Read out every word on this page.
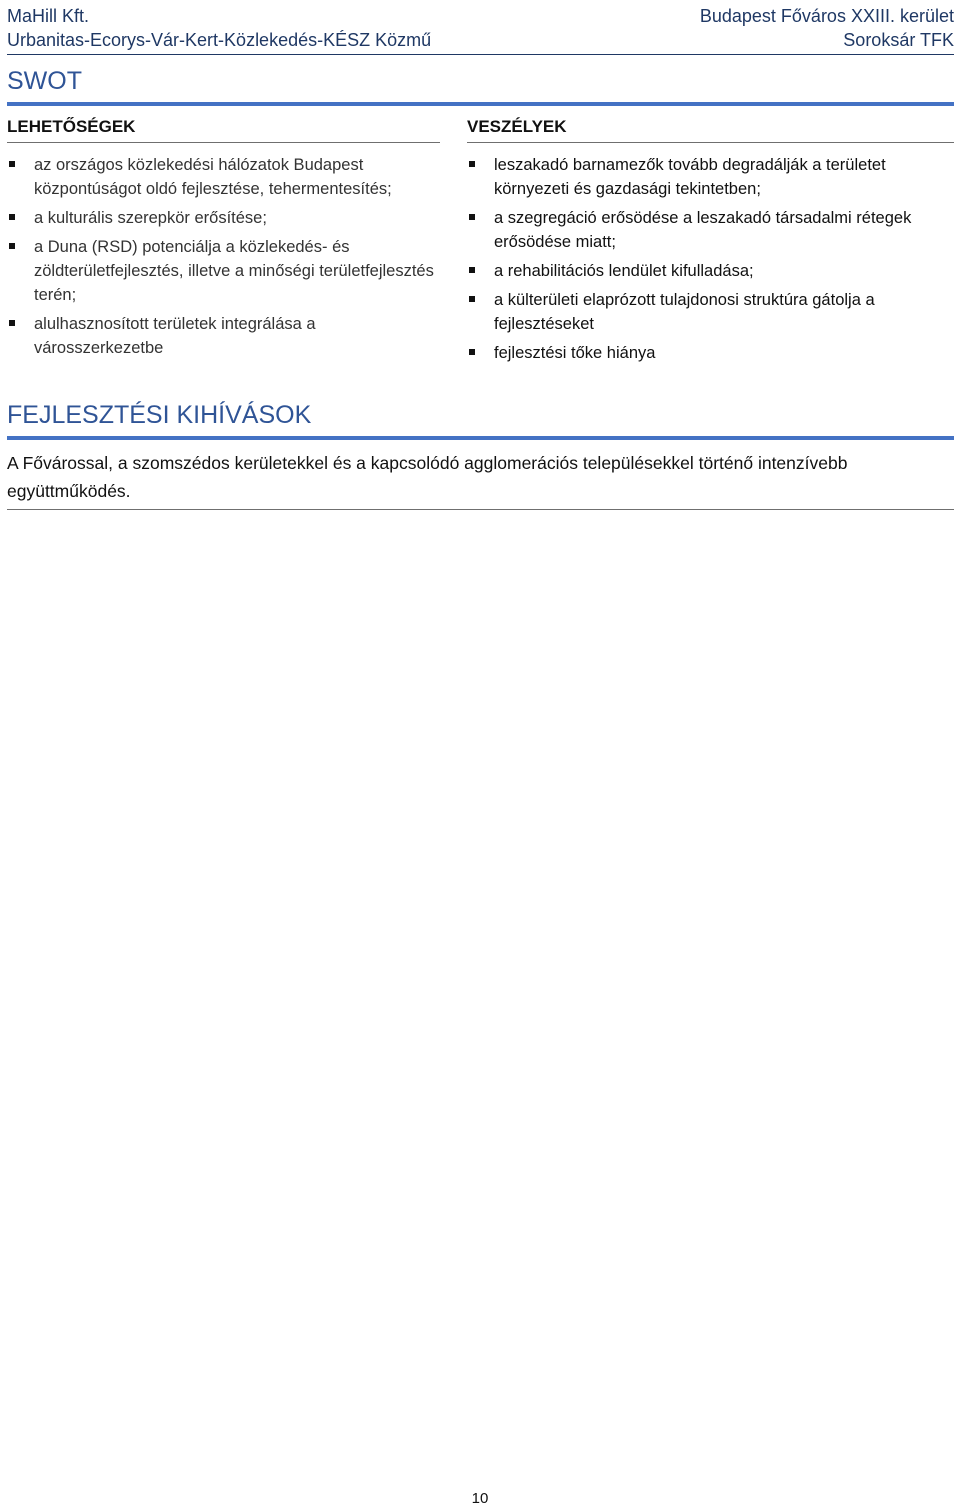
MaHill Kft.
Urbanitas-Ecorys-Vár-Kert-Közlekedés-KÉSZ Közmű
Budapest Főváros XXIII. kerület
Soroksár TFK
SWOT
LEHETŐSÉGEK
az országos közlekedési hálózatok Budapest központúságot oldó fejlesztése, tehermentesítés;
a kulturális szerepkör erősítése;
a Duna (RSD) potenciálja a közlekedés- és zöldterületfejlesztés, illetve a minőségi területfejlesztés terén;
alulhasznosított területek integrálása a városszerkezetbe
VESZÉLYEK
leszakadó barnamezők tovább degradálják a területet környezeti és gazdasági tekintetben;
a szegregáció erősödése a leszakadó társadalmi rétegek erősödése miatt;
a rehabilitációs lendület kifulladása;
a külterületi elaprózott tulajdonosi struktúra gátolja a fejlesztéseket
fejlesztési tőke hiánya
FEJLESZTÉSI KIHÍVÁSOK
A Fővárossal, a szomszédos kerületekkel és a kapcsolódó agglomerációs településekkel történő intenzívebb együttműködés.
10
